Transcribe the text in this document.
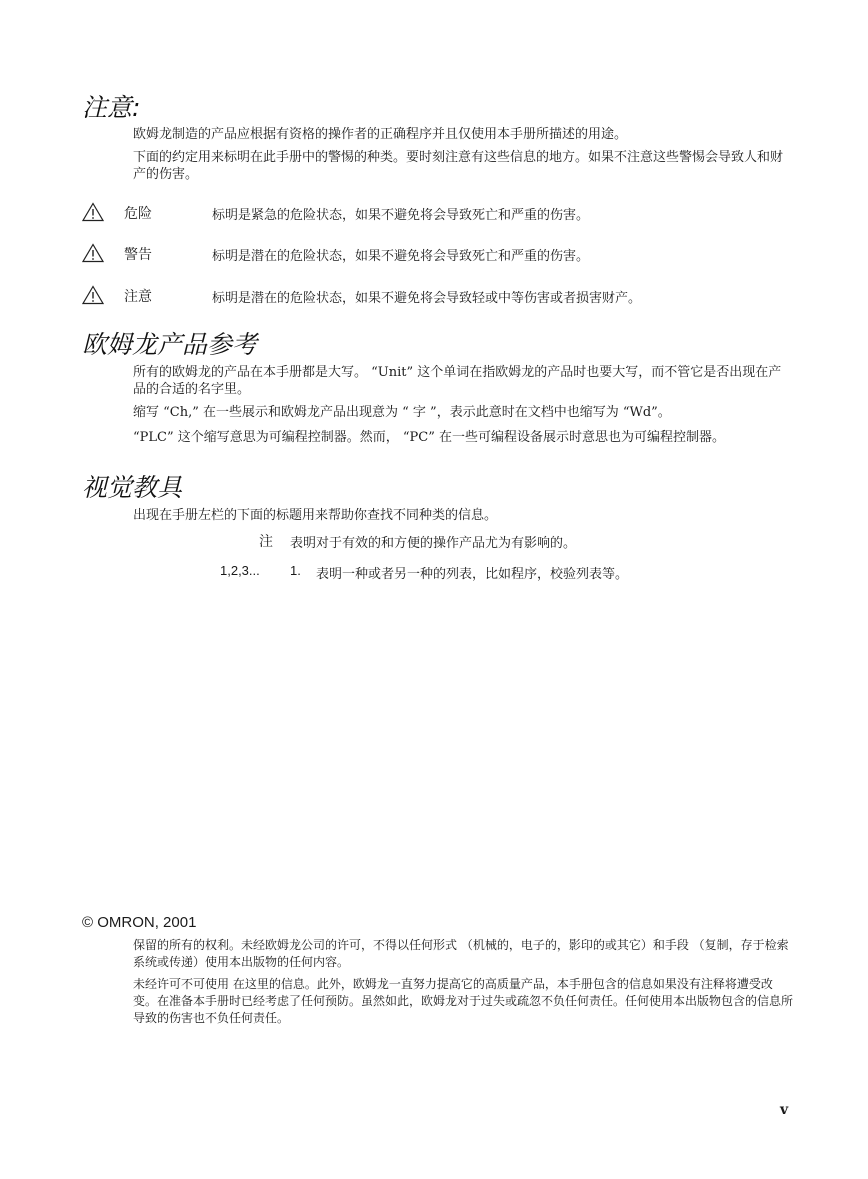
注意:

欧姆龙制造的产品应根据有资格的操作者的正确程序并且仅使用本手册所描述的用途。

下面的约定用来标明在此手册中的警惕的种类。要时刻注意有这些信息的地方。如果不注意这些警惕会导致人和财产的伤害。

危险	标明是紧急的危险状态，如果不避免将会导致死亡和严重的伤害。
警告	标明是潜在的危险状态，如果不避免将会导致死亡和严重的伤害。
注意	标明是潜在的危险状态，如果不避免将会导致轻或中等伤害或者损害财产。
欧姆龙产品参考

所有的欧姆龙的产品在本手册都是大写。 “Unit” 这个单词在指欧姆龙的产品时也要大写，而不管它是否出现在产品的合适的名字里。

缩写 “Ch,” 在一些展示和欧姆龙产品出现意为 “ 字 ”，表示此意时在文档中也缩写为 “Wd”。

“PLC” 这个缩写意思为可编程控制器。然而， “PC” 在一些可编程设备展示时意思也为可编程控制器。

视觉教具

出现在手册左栏的下面的标题用来帮助你查找不同种类的信息。

注 表明对于有效的和方便的操作产品尤为有影响的。
1,2,3... 1. 表明一种或者另一种的列表，比如程序，校验列表等。
© OMRON, 2001

保留的所有的权利。未经欧姆龙公司的许可，不得以任何形式 （机械的，电子的，影印的或其它）和手段 （复制，存于检索系统或传递）使用本出版物的任何内容。

未经许可不可使用 在这里的信息。此外，欧姆龙一直努力提高它的高质量产品，本手册包含的信息如果没有注释将遭受改变。在准备本手册时已经考虑了任何预防。虽然如此，欧姆龙对于过失或疏忽不负任何责任。任何使用本出版物包含的信息所导致的伤害也不负任何责任。

v
